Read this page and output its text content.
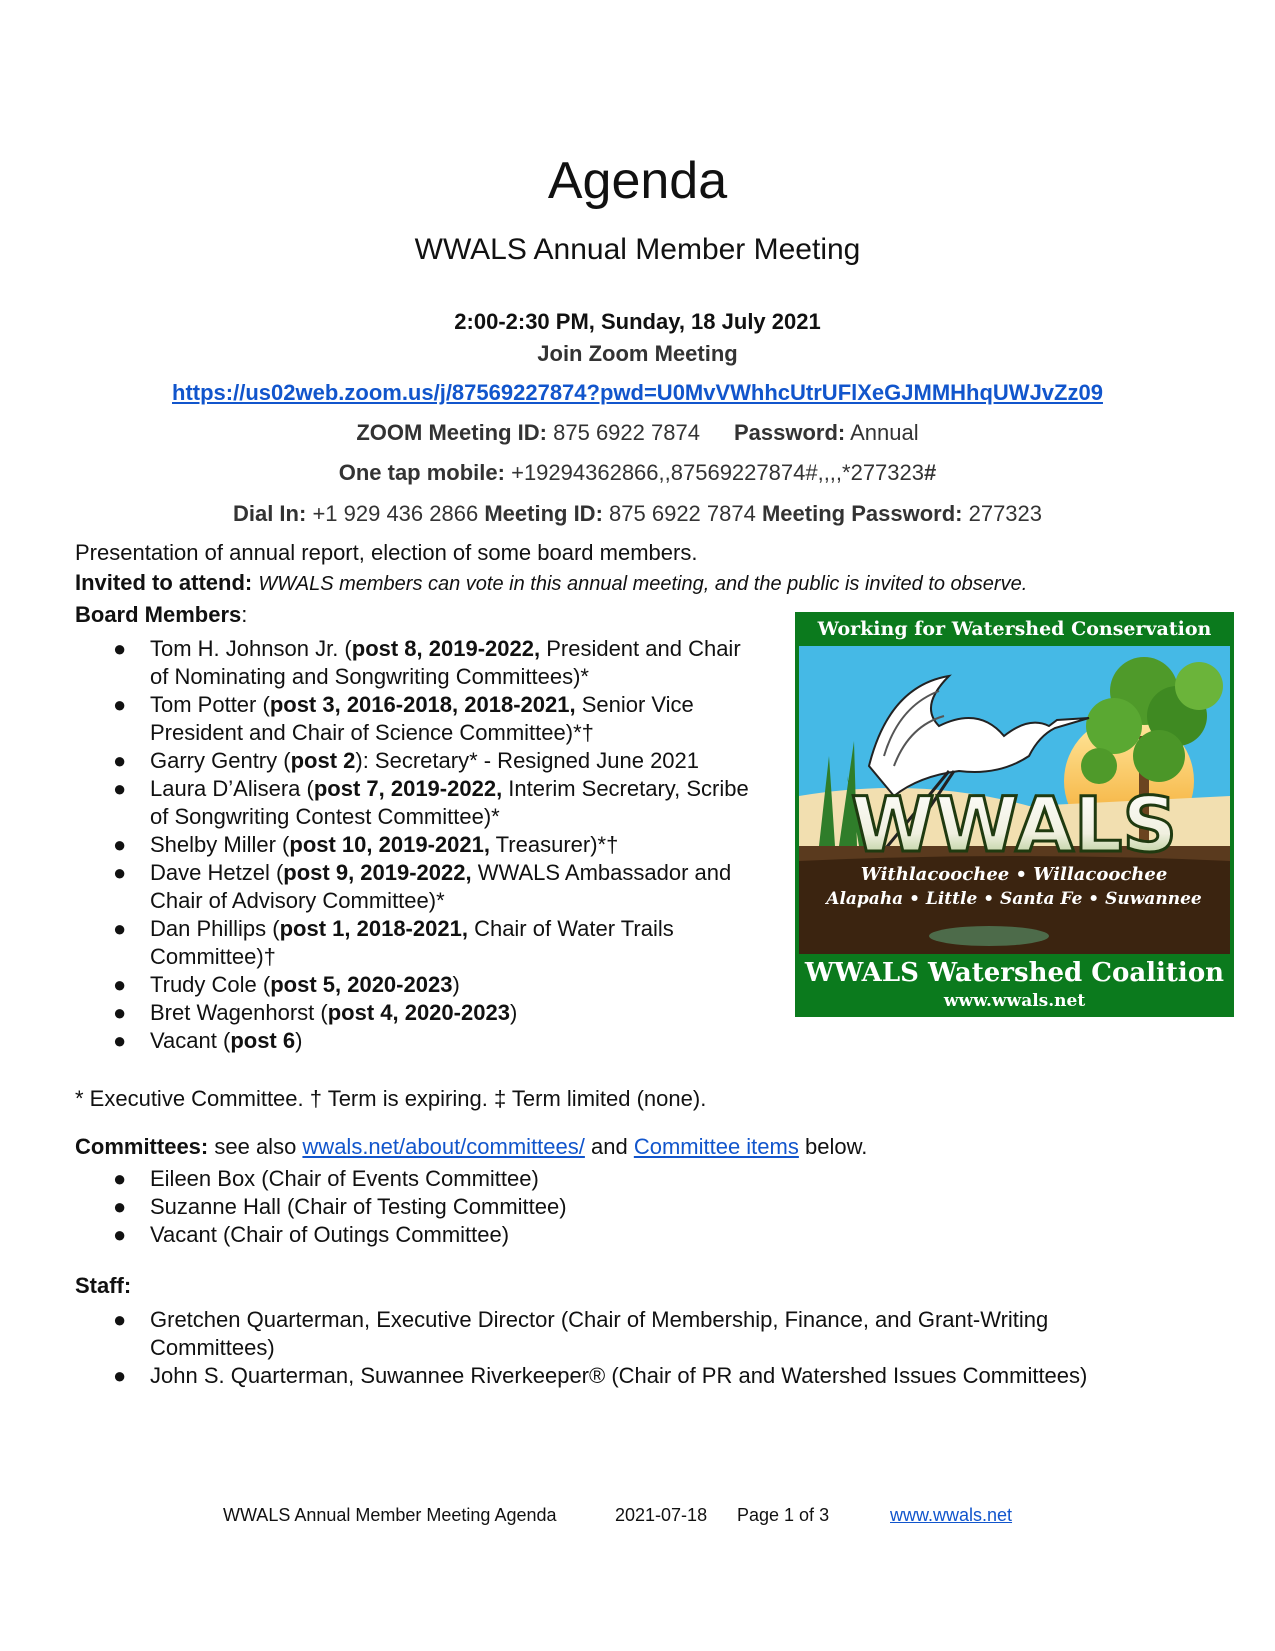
Agenda
WWALS Annual Member Meeting
2:00-2:30 PM, Sunday, 18 July 2021
Join Zoom Meeting
https://us02web.zoom.us/j/87569227874?pwd=U0MvVWhhcUtrUFlXeGJMMHhqUWJvZz09
ZOOM Meeting ID: 875 6922 7874 Password: Annual
One tap mobile: +19294362866,,87569227874#,,,,*277323#
Dial In: +1 929 436 2866 Meeting ID: 875 6922 7874 Meeting Password: 277323
Presentation of annual report, election of some board members.
Invited to attend: WWALS members can vote in this annual meeting, and the public is invited to observe.
Board Members:
● Tom H. Johnson Jr. (post 8, 2019-2022, President and Chair
of Nominating and Songwriting Committees)*
● Tom Potter (post 3, 2016-2018, 2018-2021, Senior Vice
President and Chair of Science Committee)*†
● Garry Gentry (post 2): Secretary* - Resigned June 2021
● Laura D’Alisera (post 7, 2019-2022, Interim Secretary, Scribe
of Songwriting Contest Committee)*
● Shelby Miller (post 10, 2019-2021, Treasurer)*†
● Dave Hetzel (post 9, 2019-2022, WWALS Ambassador and
Chair of Advisory Committee)*
● Dan Phillips (post 1, 2018-2021, Chair of Water Trails
Committee)†
● Trudy Cole (post 5, 2020-2023)
● Bret Wagenhorst (post 4, 2020-2023)
● Vacant (post 6)
Working for Watershed Conservation
WWALS
Withlacoochee • Willacoochee
Alapaha • Little • Santa Fe • Suwannee
WWALS Watershed Coalition
www.wwals.net
* Executive Committee. † Term is expiring. ‡ Term limited (none).
Committees: see also wwals.net/about/committees/ and Committee items below.
● Eileen Box (Chair of Events Committee)
● Suzanne Hall (Chair of Testing Committee)
● Vacant (Chair of Outings Committee)
Staff:
● Gretchen Quarterman, Executive Director (Chair of Membership, Finance, and Grant-Writing
Committees)
● John S. Quarterman, Suwannee Riverkeeper® (Chair of PR and Watershed Issues Committees)
WWALS Annual Member Meeting Agenda	2021-07-18 Page 1 of 3	www.wwals.net
